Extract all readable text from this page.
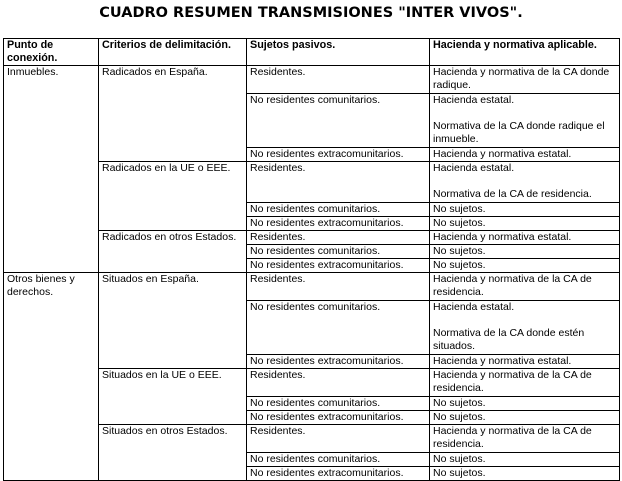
CUADRO RESUMEN TRANSMISIONES "INTER VIVOS".
Punto de conexión.	Criterios de delimitación.	Sujetos pasivos.	Hacienda y normativa aplicable.
Inmuebles.	Radicados en España.	Residentes.	Hacienda y normativa de la CA donde radique.
		No residentes comunitarios.	Hacienda estatal.
Normativa de la CA donde radique el inmueble.
		No residentes extracomunitarios.	Hacienda y normativa estatal.
	Radicados en la UE o EEE.	Residentes.	Hacienda estatal.
Normativa de la CA de residencia.
		No residentes comunitarios.	No sujetos.
		No residentes extracomunitarios.	No sujetos.
	Radicados en otros Estados.	Residentes.	Hacienda y normativa estatal.
		No residentes comunitarios.	No sujetos.
		No residentes extracomunitarios.	No sujetos.

Otros bienes y derechos.	Situados en España.	Residentes.	Hacienda y normativa de la CA de residencia.
		No residentes comunitarios.	Hacienda estatal.
Normativa de la CA donde estén situados.
		No residentes extracomunitarios.	Hacienda y normativa estatal.
	Situados en la UE o EEE.	Residentes.	Hacienda y normativa de la CA de residencia.
		No residentes comunitarios.	No sujetos.
		No residentes extracomunitarios.	No sujetos.
	Situados en otros Estados.	Residentes.	Hacienda y normativa de la CA de residencia.
		No residentes comunitarios.	No sujetos.
		No residentes extracomunitarios.	No sujetos.
